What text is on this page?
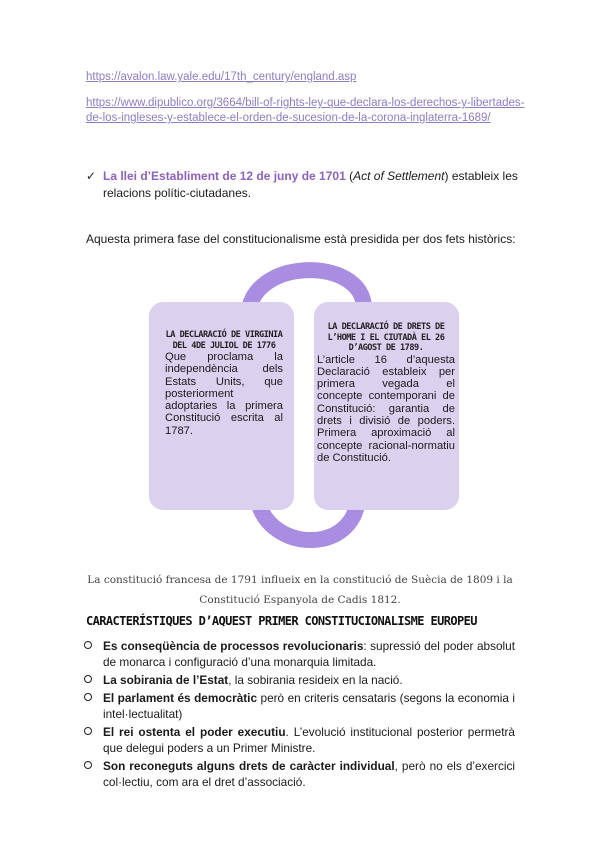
https://avalon.law.yale.edu/17th_century/england.asp
https://www.dipublico.org/3664/bill-of-rights-ley-que-declara-los-derechos-y-libertades-de-los-ingleses-y-establece-el-orden-de-sucesion-de-la-corona-inglaterra-1689/
✓ La llei d’Establiment de 12 de juny de 1701 (Act of Settlement) estableix les relacions polític-ciutadanes.
Aquesta primera fase del constitucionalisme està presidida per dos fets històrics:
LA DECLARACIÓ DE VIRGINIA DEL 4DE JULIOL DE 1776
Que proclama la independència dels Estats Units, que posteriorment adoptaries la primera Constitució escrita al 1787.
LA DECLARACIÓ DE DRETS DE L’HOME I EL CIUTADÀ EL 26 D’AGOST DE 1789.
L’article 16 d’aquesta Declaració estableix per primera vegada el concepte contemporani de Constitució: garantia de drets i divisió de poders. Primera aproximació al concepte racional-normatiu de Constitució.
La constitució francesa de 1791 influeix en la constitució de Suècia de 1809 i la Constitució Espanyola de Cadis 1812.
CARACTERÍSTIQUES D’AQUEST PRIMER CONSTITUCIONALISME EUROPEU
Es conseqüència de processos revolucionaris: supressió del poder absolut de monarca i configuració d’una monarquia limitada.
La sobirania de l’Estat, la sobirania resideix en la nació.
El parlament és democràtic però en criteris censataris (segons la economia i intel·lectualitat)
El rei ostenta el poder executiu. L’evolució institucional posterior permetrà que delegui poders a un Primer Ministre.
Son reconeguts alguns drets de caràcter individual, però no els d’exercici col·lectiu, com ara el dret d’associació.
